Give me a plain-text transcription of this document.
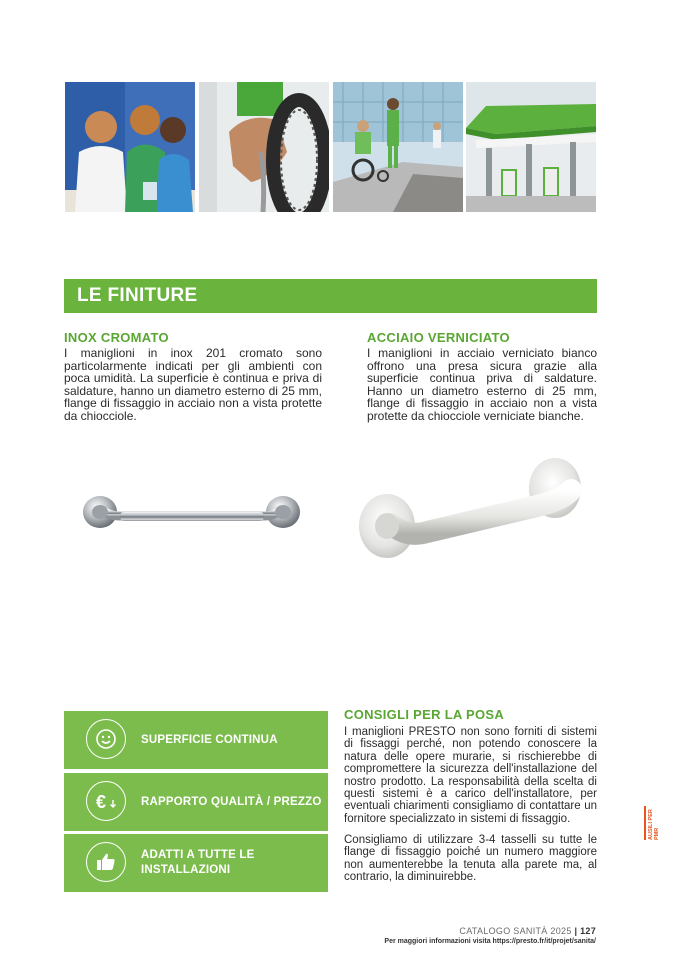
LE FINITURE
INOX CROMATO
I maniglioni in inox 201 cromato sono particolarmente indicati per gli ambienti con poca umidità. La superficie è continua e priva di saldature, hanno un diametro esterno di 25 mm, flange di fissaggio in acciaio non a vista protette da chiocciole.
ACCIAIO VERNICIATO
I maniglioni in acciaio verniciato bianco offrono una presa sicura grazie alla superficie continua priva di saldature. Hanno un diametro esterno di 25 mm, flange di fissaggio in acciaio non a vista protette da chiocciole verniciate bianche.
SUPERFICIE CONTINUA
€	RAPPORTO QUALITÀ / PREZZO
ADATTI A TUTTE LE
INSTALLAZIONI
CONSIGLI PER LA POSA
I maniglioni PRESTO non sono forniti di sistemi di fissaggi perché, non potendo conoscere la natura delle opere murarie, si rischierebbe di compromettere la sicurezza dell'installazione del nostro prodotto. La responsabilità della scelta di questi sistemi è a carico dell'installatore, per eventuali chiarimenti consigliamo di contattare un fornitore specializzato in sistemi di fissaggio.
Consigliamo di utilizzare 3-4 tasselli su tutte le flange di fissaggio poiché un numero maggiore non aumenterebbe la tenuta alla parete ma, al contrario, la diminuirebbe.
AUSILI PER PMR
CATALOGO SANITÀ 2025 | 127
Per maggiori informazioni visita https://presto.fr/it/projet/sanita/
